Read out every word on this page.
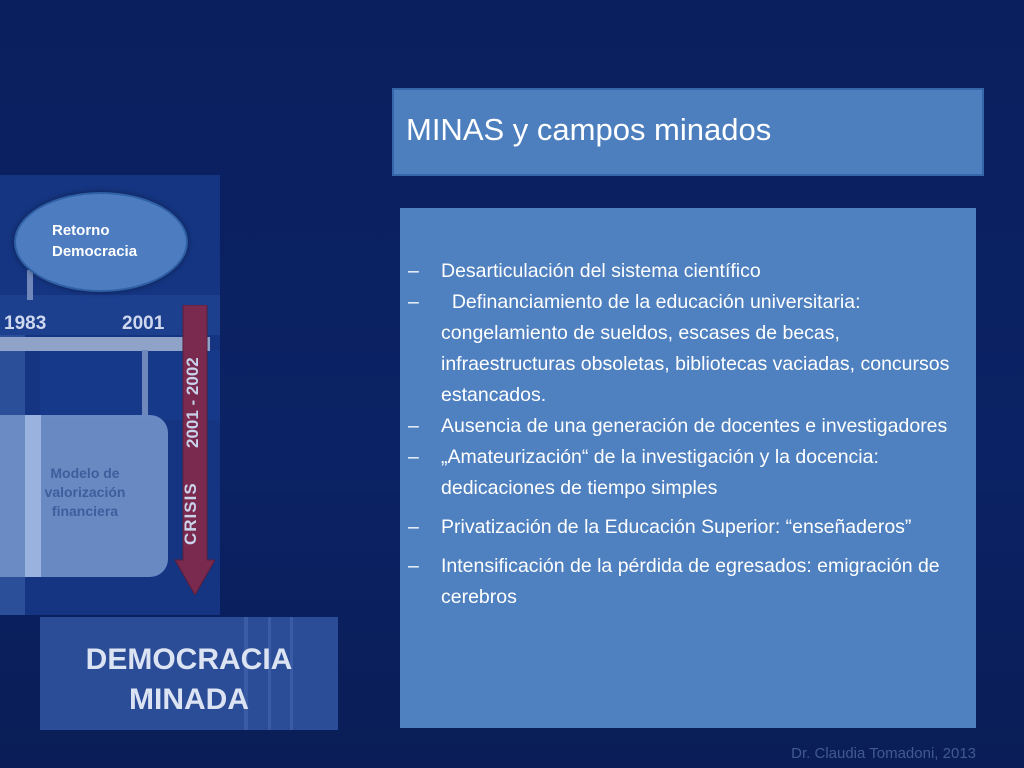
Retorno
Democracia
1983	2001
Modelo de
valorización
financiera	CRISIS
2001 - 2002
DEMOCRACIA
MINADA
MINAS y campos minados
– Desarticulación del sistema científico
– Definanciamiento de la educación universitaria: congelamiento de sueldos, escases de becas, infraestructuras obsoletas, bibliotecas vaciadas, concursos estancados.
– Ausencia de una generación de docentes e investigadores
– „Amateurización“ de la investigación y la docencia: dedicaciones de tiempo simples
– Privatización de la Educación Superior: “enseñaderos”
– Intensificación de la pérdida de egresados: emigración de cerebros
Dr. Claudia Tomadoni, 2013
